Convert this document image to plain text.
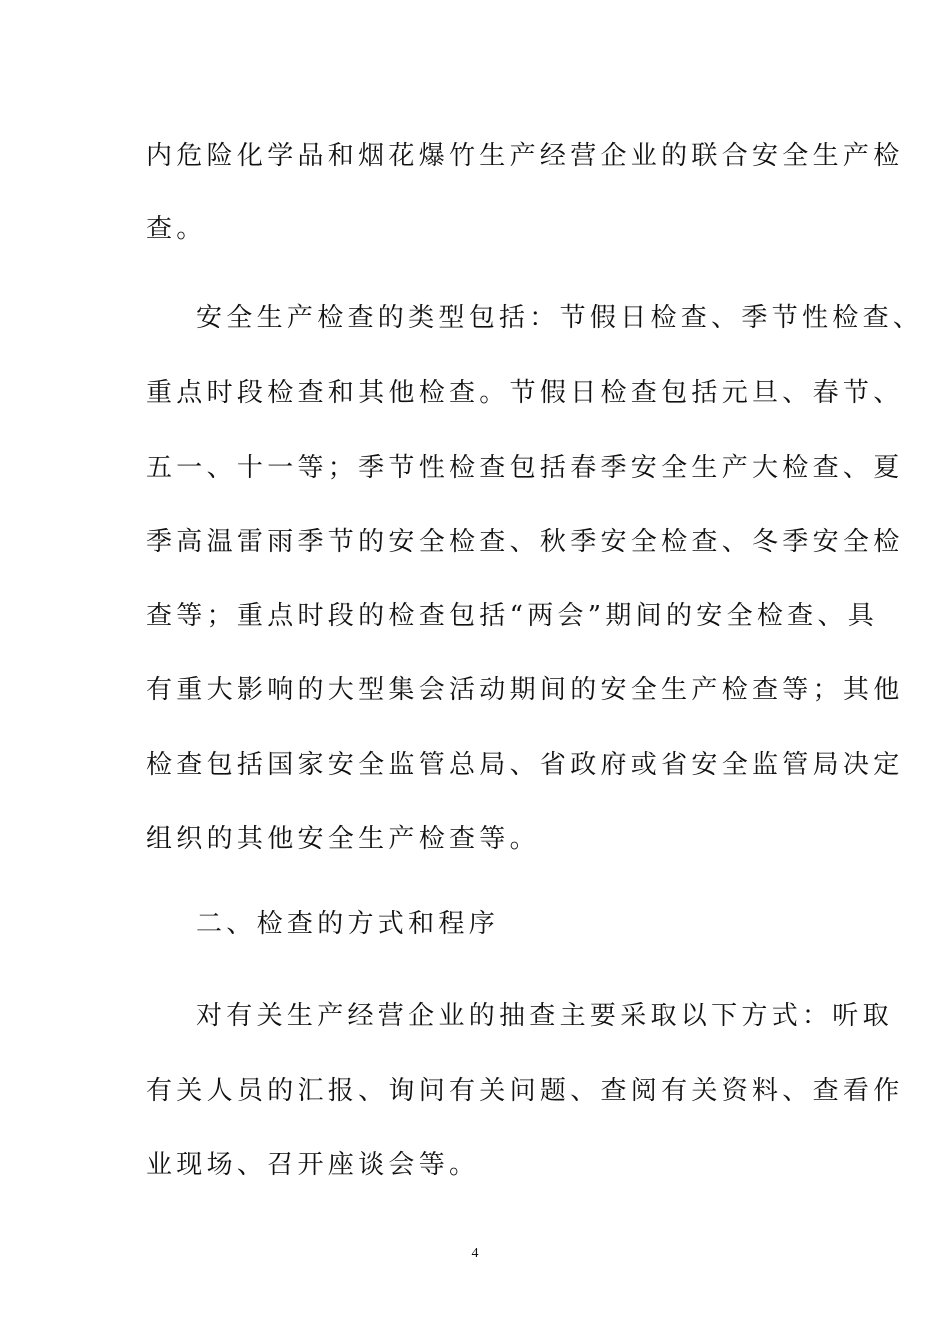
内危险化学品和烟花爆竹生产经营企业的联合安全生产检
查。
安全生产检查的类型包括：节假日检查、季节性检查、
重点时段检查和其他检查。节假日检查包括元旦、春节、
五一、十一等；季节性检查包括春季安全生产大检查、夏
季高温雷雨季节的安全检查、秋季安全检查、冬季安全检
查等；重点时段的检查包括“两会”期间的安全检查、具
有重大影响的大型集会活动期间的安全生产检查等；其他
检查包括国家安全监管总局、省政府或省安全监管局决定
组织的其他安全生产检查等。
二、检查的方式和程序
对有关生产经营企业的抽查主要采取以下方式：听取
有关人员的汇报、询问有关问题、查阅有关资料、查看作
业现场、召开座谈会等。
4
